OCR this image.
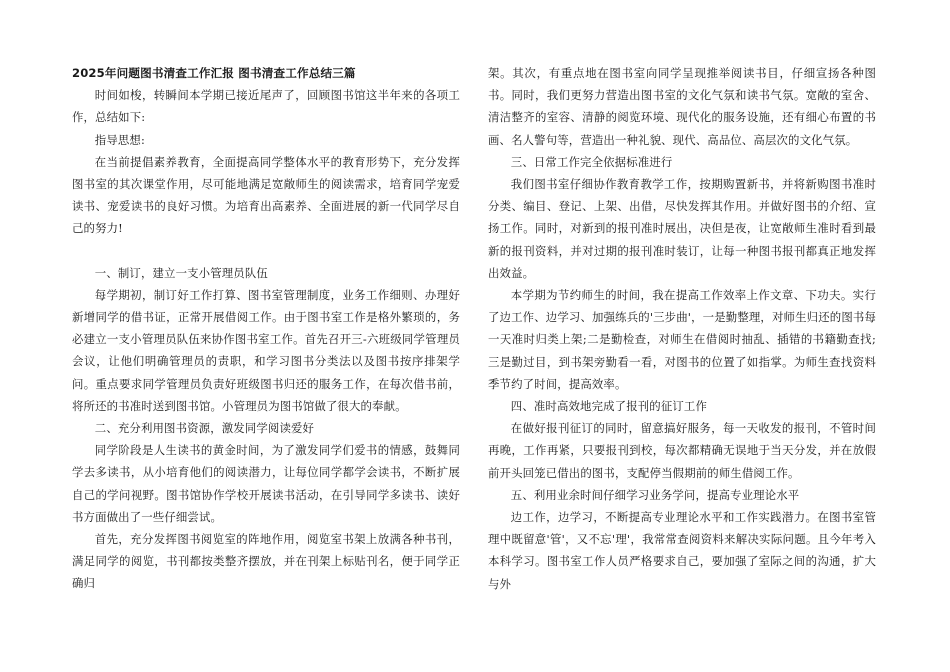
2025年问题图书清查工作汇报 图书清查工作总结三篇

时间如梭，转瞬间本学期已接近尾声了，回顾图书馆这半年来的各项工作，总结如下:

指导思想:

在当前提倡素养教育，全面提高同学整体水平的教育形势下，充分发挥图书室的其次课堂作用，尽可能地满足宽敞师生的阅读需求，培育同学宠爱读书、宠爱读书的良好习惯。为培育出高素养、全面进展的新一代同学尽自己的努力!

一、制订，建立一支小管理员队伍

每学期初，制订好工作打算、图书室管理制度，业务工作细则、办理好新增同学的借书证，正常开展借阅工作。由于图书室工作是格外繁琐的，务必建立一支小管理员队伍来协作图书室工作。首先召开三-六班级同学管理员会议，让他们明确管理员的责职，和学习图书分类法以及图书按序排架学问。重点要求同学管理员负责好班级图书归还的服务工作，在每次借书前，将所还的书准时送到图书馆。小管理员为图书馆做了很大的奉献。

二、充分利用图书资源，激发同学阅读爱好

同学阶段是人生读书的黄金时间，为了激发同学们爱书的情感，鼓舞同学去多读书，从小培育他们的阅读潜力，让每位同学都学会读书，不断扩展自己的学问视野。图书馆协作学校开展读书活动，在引导同学多读书、读好书方面做出了一些仔细尝试。

首先，充分发挥图书阅览室的阵地作用，阅览室书架上放满各种书刊，满足同学的阅览，书刊都按类整齐摆放，并在刊架上标贴刊名，便于同学正确归

架。其次，有重点地在图书室向同学呈现推举阅读书目，仔细宣扬各种图书。同时，我们更努力营造出图书室的文化气氛和读书气氛。宽敞的室舍、清洁整齐的室容、清静的阅览环境、现代化的服务设施，还有细心布置的书画、名人警句等，营造出一种礼貌、现代、高品位、高层次的文化气氛。

三、日常工作完全依据标准进行

我们图书室仔细协作教育教学工作，按期购置新书，并将新购图书准时分类、编目、登记、上架、出借，尽快发挥其作用。并做好图书的介绍、宣扬工作。同时，对新到的报刊准时展出，决但是夜，让宽敞师生准时看到最新的报刊资料，并对过期的报刊准时装订，让每一种图书报刊都真正地发挥出效益。

本学期为节约师生的时间，我在提高工作效率上作文章、下功夫。实行了边工作、边学习、加强练兵的'三步曲'，一是勤整理，对师生归还的图书每一天准时归类上架;二是勤检查，对师生在借阅时抽乱、插错的书籍勤查找;三是勤过目，到书架旁勤看一看，对图书的位置了如指掌。为师生查找资料季节约了时间，提高效率。

四、准时高效地完成了报刊的征订工作

在做好报刊征订的同时，留意搞好服务，每一天收发的报刊，不管时间再晚，工作再紧，只要报刊到校，每次都精确无误地于当天分发，并在放假前开头回笼已借出的图书，支配停当假期前的师生借阅工作。

五、利用业余时间仔细学习业务学问，提高专业理论水平

边工作，边学习，不断提高专业理论水平和工作实践潜力。在图书室管理中既留意'管'，又不忘'理'，我常常查阅资料来解决实际问题。且今年考入本科学习。图书室工作人员严格要求自己，要加强了室际之间的沟通，扩大与外
